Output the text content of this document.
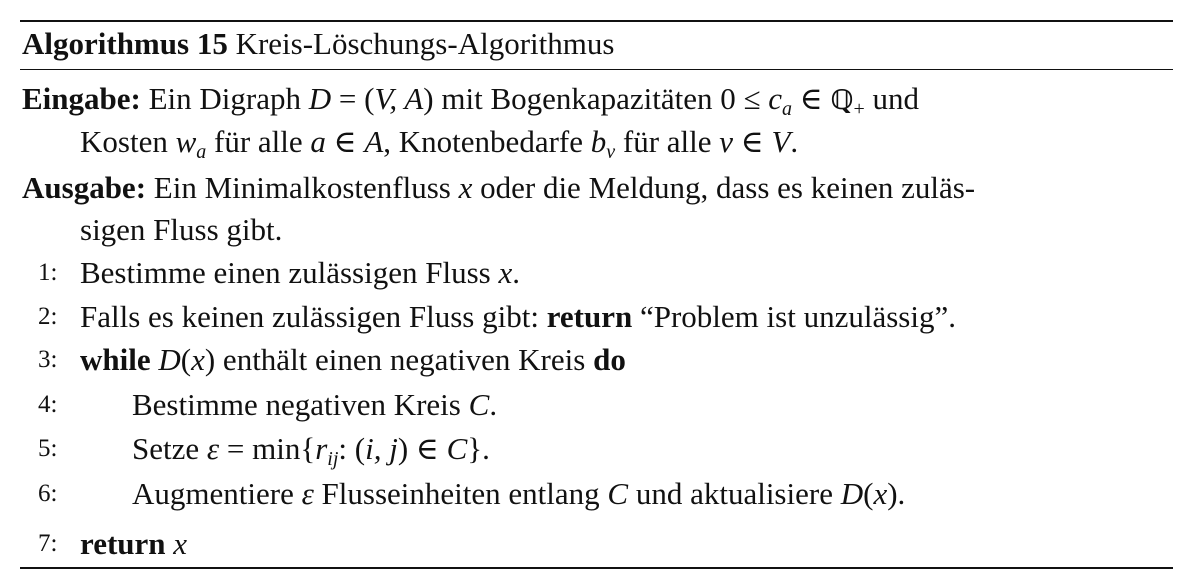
Algorithmus 15 Kreis-Löschungs-Algorithmus
Eingabe: Ein Digraph D = (V, A) mit Bogenkapazitäten $0 \le c_a$ ∈ ℚ$_+$ und
Kosten $w_a$ für alle a ∈ A, Knotenbedarfe $b_v$ für alle v ∈ V.
Ausgabe: Ein Minimalkostenfluss x oder die Meldung, dass es keinen zuläs-
sigen Fluss gibt.
1: Bestimme einen zulässigen Fluss x.
2: Falls es keinen zulässigen Fluss gibt: return “Problem ist unzulässig”.
3: while D(x) enthält einen negativen Kreis do
4: Bestimme negativen Kreis C.
5: Setze $\varepsilon = \min\{r_{ij}$: (i, j) ∈ C}.
6: Augmentiere ε Flusseinheiten entlang C und aktualisiere D(x).
7: return x
